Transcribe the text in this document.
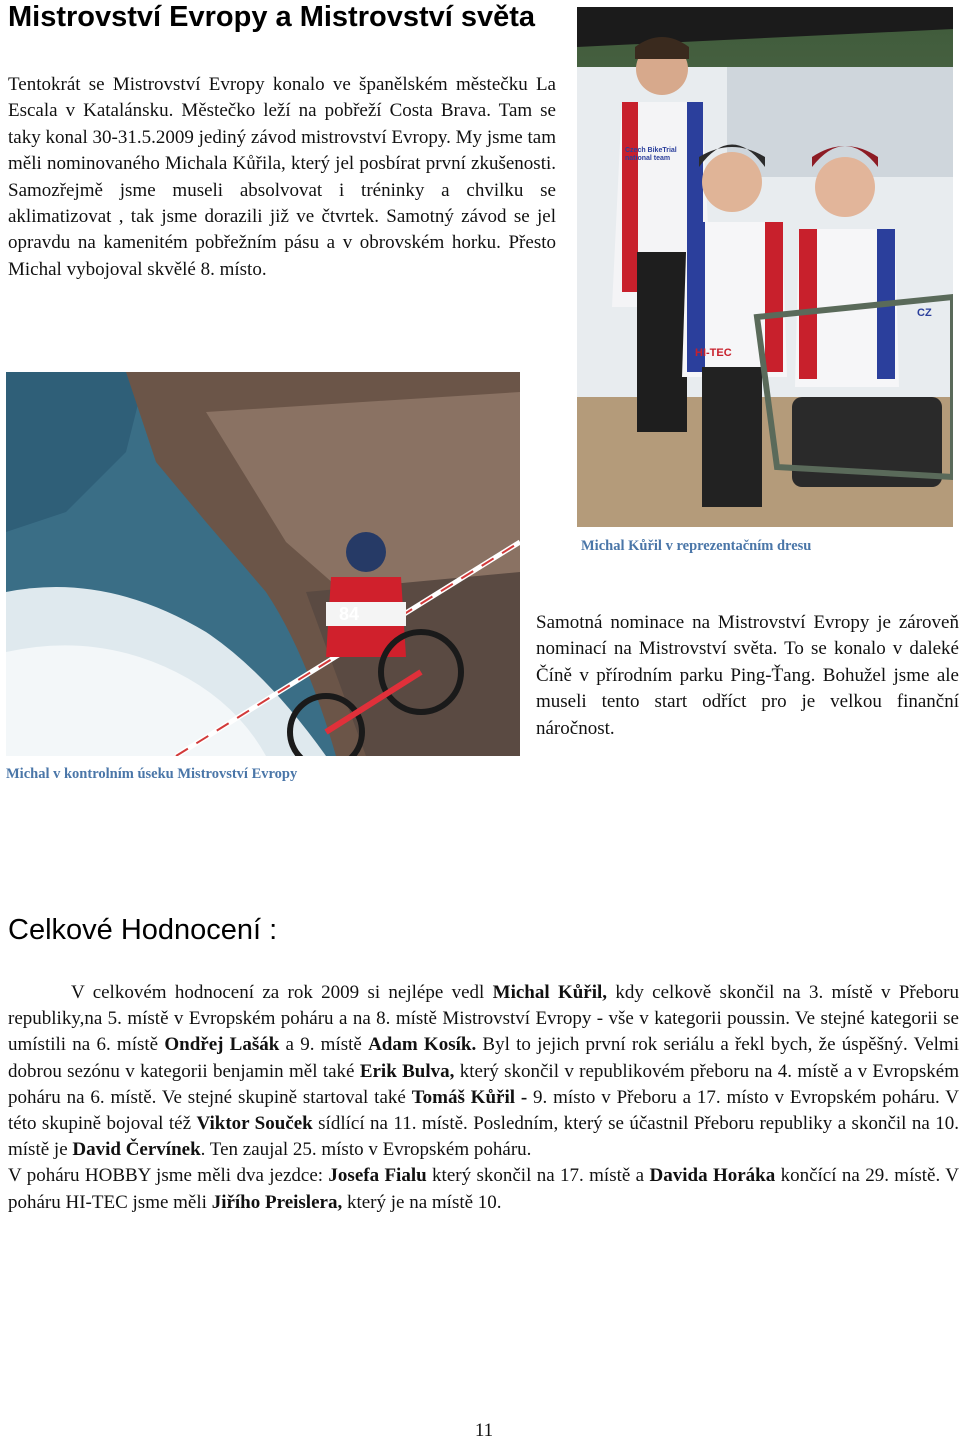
Mistrovství Evropy a Mistrovství světa

Tentokrát se Mistrovství Evropy konalo ve španělském městečku La Escala v Katalánsku. Městečko leží na pobřeží Costa Brava. Tam se taky konal 30-31.5.2009 jediný závod mistrovství Evropy. My jsme tam měli nominovaného Michala Kůřila, který jel posbírat první zkušenosti. Samozřejmě jsme museli absolvovat i tréninky a chvilku se aklimatizovat , tak jsme dorazili již ve čtvrtek. Samotný závod se jel opravdu na kamenitém pobřežním pásu a v obrovském horku. Přesto Michal vybojoval skvělé 8. místo.

HI-TEC
Czech BikeTrial national team
CZ

Michal Kůřil v reprezentačním dresu

84

Michal v kontrolním úseku Mistrovství Evropy

Samotná nominace na Mistrovství Evropy je zároveň nominací na Mistrovství světa. To se konalo v daleké Číně v přírodním parku Ping-Ťang. Bohužel jsme ale museli tento start odříct pro je velkou finanční náročnost.

Celkové Hodnocení :

V celkovém hodnocení za rok 2009 si nejlépe vedl Michal Kůřil, kdy celkově skončil na 3. místě v Přeboru republiky,na 5. místě v Evropském poháru a na 8. místě Mistrovství Evropy - vše v kategorii poussin. Ve stejné kategorii se umístili na 6. místě Ondřej Lašák a 9. místě Adam Kosík. Byl to jejich první rok seriálu a řekl bych, že úspěšný. Velmi dobrou sezónu v kategorii benjamin měl také Erik Bulva, který skončil v republikovém přeboru na 4. místě a v Evropském poháru na 6. místě. Ve stejné skupině startoval také Tomáš Kůřil - 9. místo v Přeboru a 17. místo v Evropském poháru. V této skupině bojoval též Viktor Souček sídlící na 11. místě. Posledním, který se účastnil Přeboru republiky a skončil na 10. místě je David Červínek. Ten zaujal 25. místo v Evropském poháru.

V poháru HOBBY jsme měli dva jezdce: Josefa Fialu který skončil na 17. místě a Davida Horáka končící na 29. místě. V poháru HI-TEC jsme měli Jiřího Preislera, který je na místě 10.

11
